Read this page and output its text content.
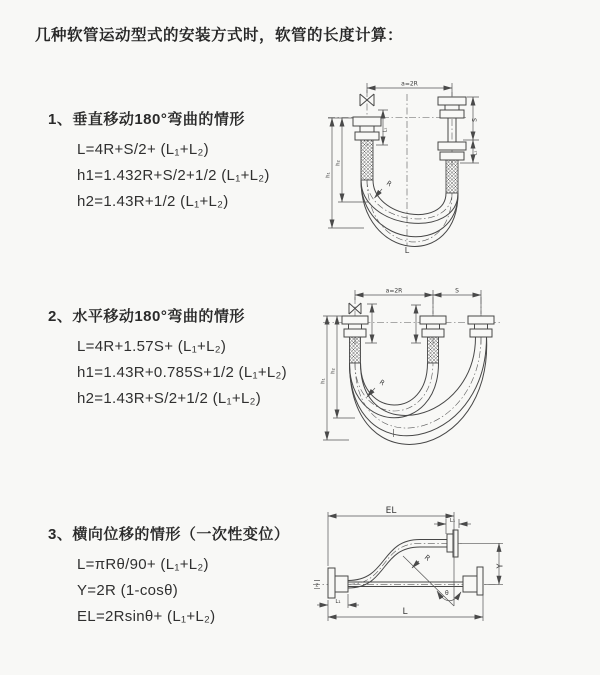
几种软管运动型式的安装方式时，软管的长度计算：
1、垂直移动180°弯曲的情形
L=4R+S/2+ (L₁+L₂)
h1=1.432R+S/2+1/2 (L₁+L₂)
h2=1.43R+1/2 (L₁+L₂)
2、水平移动180°弯曲的情形
L=4R+1.57S+ (L₁+L₂)
h1=1.43R+0.785S+1/2 (L₁+L₂)
h2=1.43R+S/2+1/2 (L₁+L₂)
3、横向位移的情形（一次性变位）
L=πRθ/90+ (L₁+L₂)
Y=2R (1-cosθ)
EL=2Rsinθ+ (L₁+L₂)
a=2R
R
h₁
h₂
L₁
S
L₁
L
a=2R	S
R
h₁
h₂
z
EL
L₁
θ
R
Y
L₁
L
